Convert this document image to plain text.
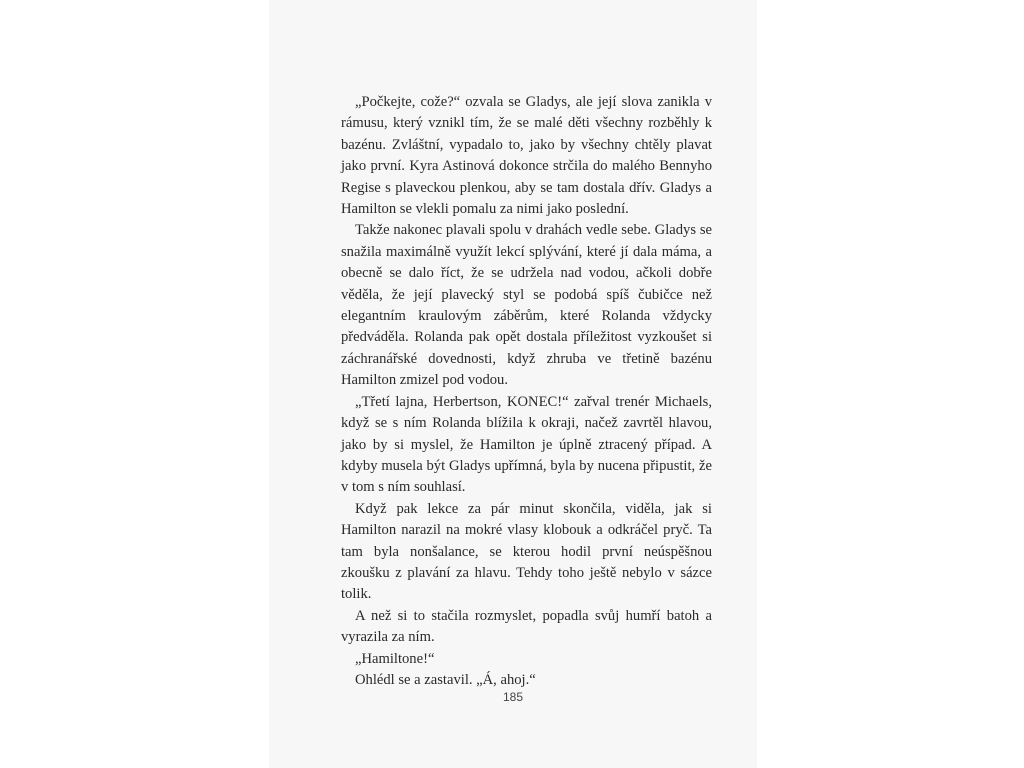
„Počkejte, cože?“ ozvala se Gladys, ale její slova zanikla v rámusu, který vznikl tím, že se malé děti všechny rozběhly k bazénu. Zvláštní, vypadalo to, jako by všechny chtěly plavat jako první. Kyra Astinová dokonce strčila do malého Bennyho Regise s plaveckou plenkou, aby se tam dostala dřív. Gladys a Hamilton se vlekli pomalu za nimi jako poslední.

Takže nakonec plavali spolu v drahách vedle sebe. Gladys se snažila maximálně využít lekcí splývání, které jí dala máma, a obecně se dalo říct, že se udržela nad vodou, ačkoli dobře věděla, že její plavecký styl se podobá spíš čubičce než elegantním kraulovým záběrům, které Rolanda vždycky předváděla. Rolanda pak opět dostala příležitost vyzkoušet si záchranářské dovednosti, když zhruba ve třetině bazénu Hamilton zmizel pod vodou.

„Třetí lajna, Herbertson, KONEC!“ zařval trenér Michaels, když se s ním Rolanda blížila k okraji, načež zavrtěl hlavou, jako by si myslel, že Hamilton je úplně ztracený případ. A kdyby musela být Gladys upřímná, byla by nucena připustit, že v tom s ním souhlasí.

Když pak lekce za pár minut skončila, viděla, jak si Hamilton narazil na mokré vlasy klobouk a odkráčel pryč. Ta tam byla nonšalance, se kterou hodil první neúspěšnou zkoušku z plavání za hlavu. Tehdy toho ještě nebylo v sázce tolik.

A než si to stačila rozmyslet, popadla svůj humří batoh a vyrazila za ním.

„Hamiltone!“

Ohlédl se a zastavil. „Á, ahoj.“

185
